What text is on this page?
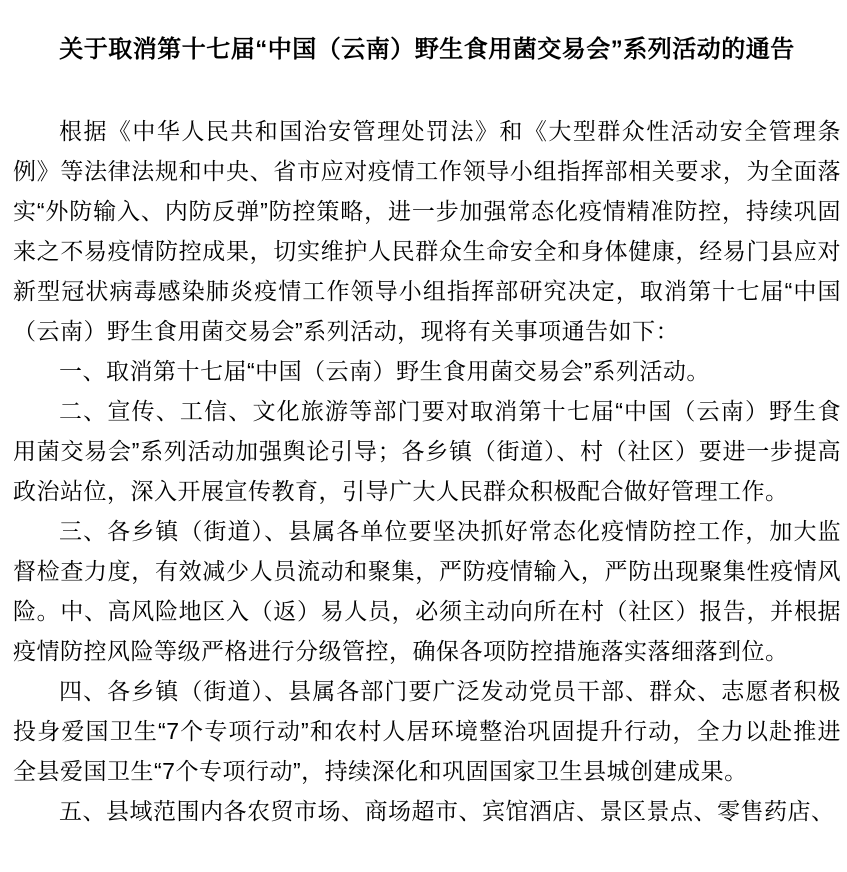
关于取消第十七届“中国（云南）野生食用菌交易会”系列活动的通告

根据《中华人民共和国治安管理处罚法》和《大型群众性活动安全管理条例》等法律法规和中央、省市应对疫情工作领导小组指挥部相关要求，为全面落实“外防输入、内防反弹”防控策略，进一步加强常态化疫情精准防控，持续巩固来之不易疫情防控成果，切实维护人民群众生命安全和身体健康，经易门县应对新型冠状病毒感染肺炎疫情工作领导小组指挥部研究决定，取消第十七届“中国（云南）野生食用菌交易会”系列活动，现将有关事项通告如下：

一、取消第十七届“中国（云南）野生食用菌交易会”系列活动。

二、宣传、工信、文化旅游等部门要对取消第十七届“中国（云南）野生食用菌交易会”系列活动加强舆论引导；各乡镇（街道）、村（社区）要进一步提高政治站位，深入开展宣传教育，引导广大人民群众积极配合做好管理工作。

三、各乡镇（街道）、县属各单位要坚决抓好常态化疫情防控工作，加大监督检查力度，有效减少人员流动和聚集，严防疫情输入，严防出现聚集性疫情风险。中、高风险地区入（返）易人员，必须主动向所在村（社区）报告，并根据疫情防控风险等级严格进行分级管控，确保各项防控措施落实落细落到位。

四、各乡镇（街道）、县属各部门要广泛发动党员干部、群众、志愿者积极投身爱国卫生“7个专项行动”和农村人居环境整治巩固提升行动，全力以赴推进全县爱国卫生“7个专项行动”，持续深化和巩固国家卫生县城创建成果。

五、县域范围内各农贸市场、商场超市、宾馆酒店、景区景点、零售药店、
